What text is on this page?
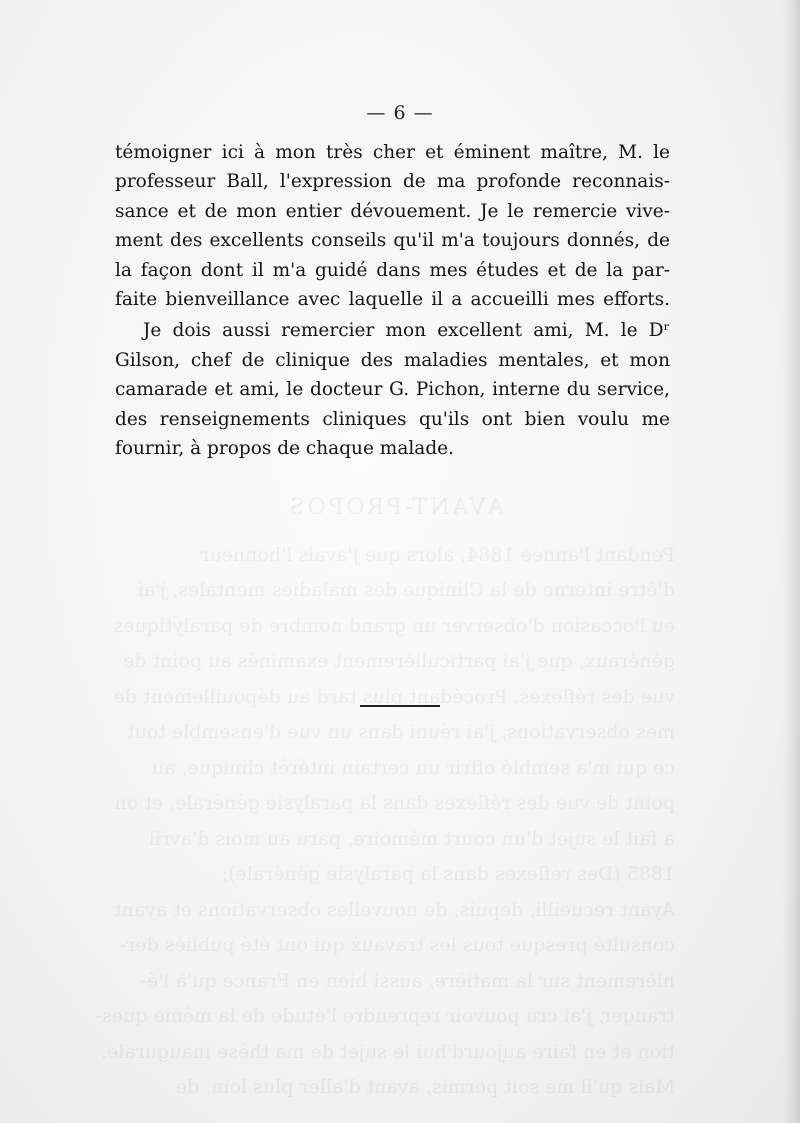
— 6 —
témoigner ici à mon très cher et éminent maître, M. le
professeur Ball, l'expression de ma profonde reconnais-
sance et de mon entier dévouement. Je le remercie vive-
ment des excellents conseils qu'il m'a toujours donnés, de
la façon dont il m'a guidé dans mes études et de la par-
faite bienveillance avec laquelle il a accueilli mes efforts.
Je dois aussi remercier mon excellent ami, M. le Dʳ
Gilson, chef de clinique des maladies mentales, et mon
camarade et ami, le docteur G. Pichon, interne du service,
des renseignements cliniques qu'ils ont bien voulu me
fournir, à propos de chaque malade.
AVANT-PROPOS
Pendant l'année 1884, alors que j'avais l'honneur
d'être interne de la Clinique des maladies mentales, j'ai
eu l'occasion d'observer un grand nombre de paralytiques
généraux, que j'ai particulièrement examinés au point de
vue des réflexes. Procédant plus tard au dépouillement de
mes observations, j'ai réuni dans un vue d'ensemble tout
ce qui m'a semblé offrir un certain intérêt clinique, au
point de vue des réflexes dans la paralysie générale, et on
a fait le sujet d'un court mémoire, paru au mois d'avril
1885 (Des réflexes dans la paralysie générale);
Ayant recueilli, depuis, de nouvelles observations et ayant
consulté presque tous les travaux qui ont été publiés der-
nièrement sur la matière, aussi bien en France qu'à l'é-
tranger, j'ai cru pouvoir reprendre l'étude de la même ques-
tion et en faire aujourd'hui le sujet de ma thèse inaugurale.
Mais qu'il me soit permis, avant d'aller plus loin, de
